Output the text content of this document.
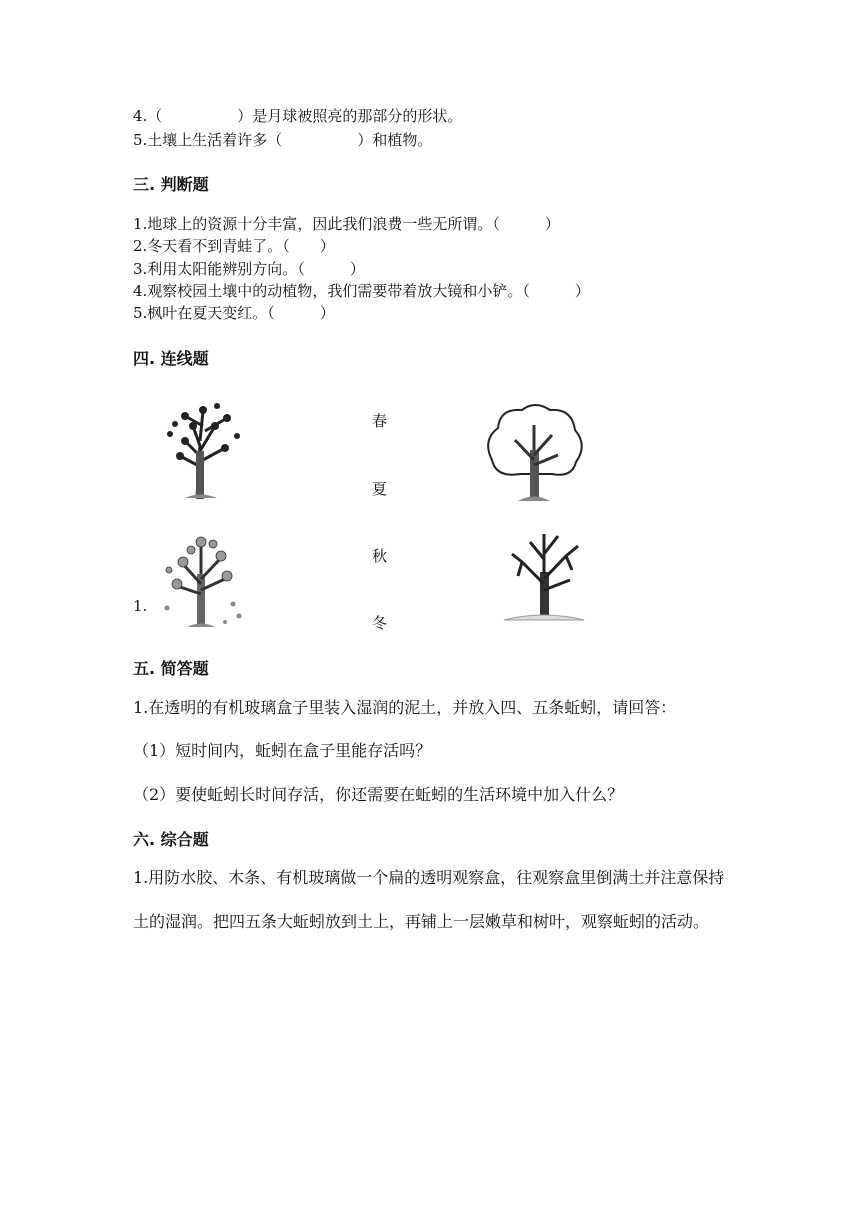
4.（　　　　　）是月球被照亮的那部分的形状。
5.土壤上生活着许多（　　　　　）和植物。
三. 判断题
1.地球上的资源十分丰富，因此我们浪费一些无所谓。（　　　）
2.冬天看不到青蛙了。（　　）
3.利用太阳能辨别方向。（　　　）
4.观察校园土壤中的动植物，我们需要带着放大镜和小铲。（　　　）
5.枫叶在夏天变红。（　　　）
四. 连线题
春
夏
秋
冬
1.
五. 简答题
1.在透明的有机玻璃盒子里装入湿润的泥土，并放入四、五条蚯蚓，请回答：
（1）短时间内，蚯蚓在盒子里能存活吗？
（2）要使蚯蚓长时间存活，你还需要在蚯蚓的生活环境中加入什么？
六. 综合题
1.用防水胶、木条、有机玻璃做一个扁的透明观察盒，往观察盒里倒满土并注意保持土的湿润。把四五条大蚯蚓放到土上，再铺上一层嫩草和树叶，观察蚯蚓的活动。
